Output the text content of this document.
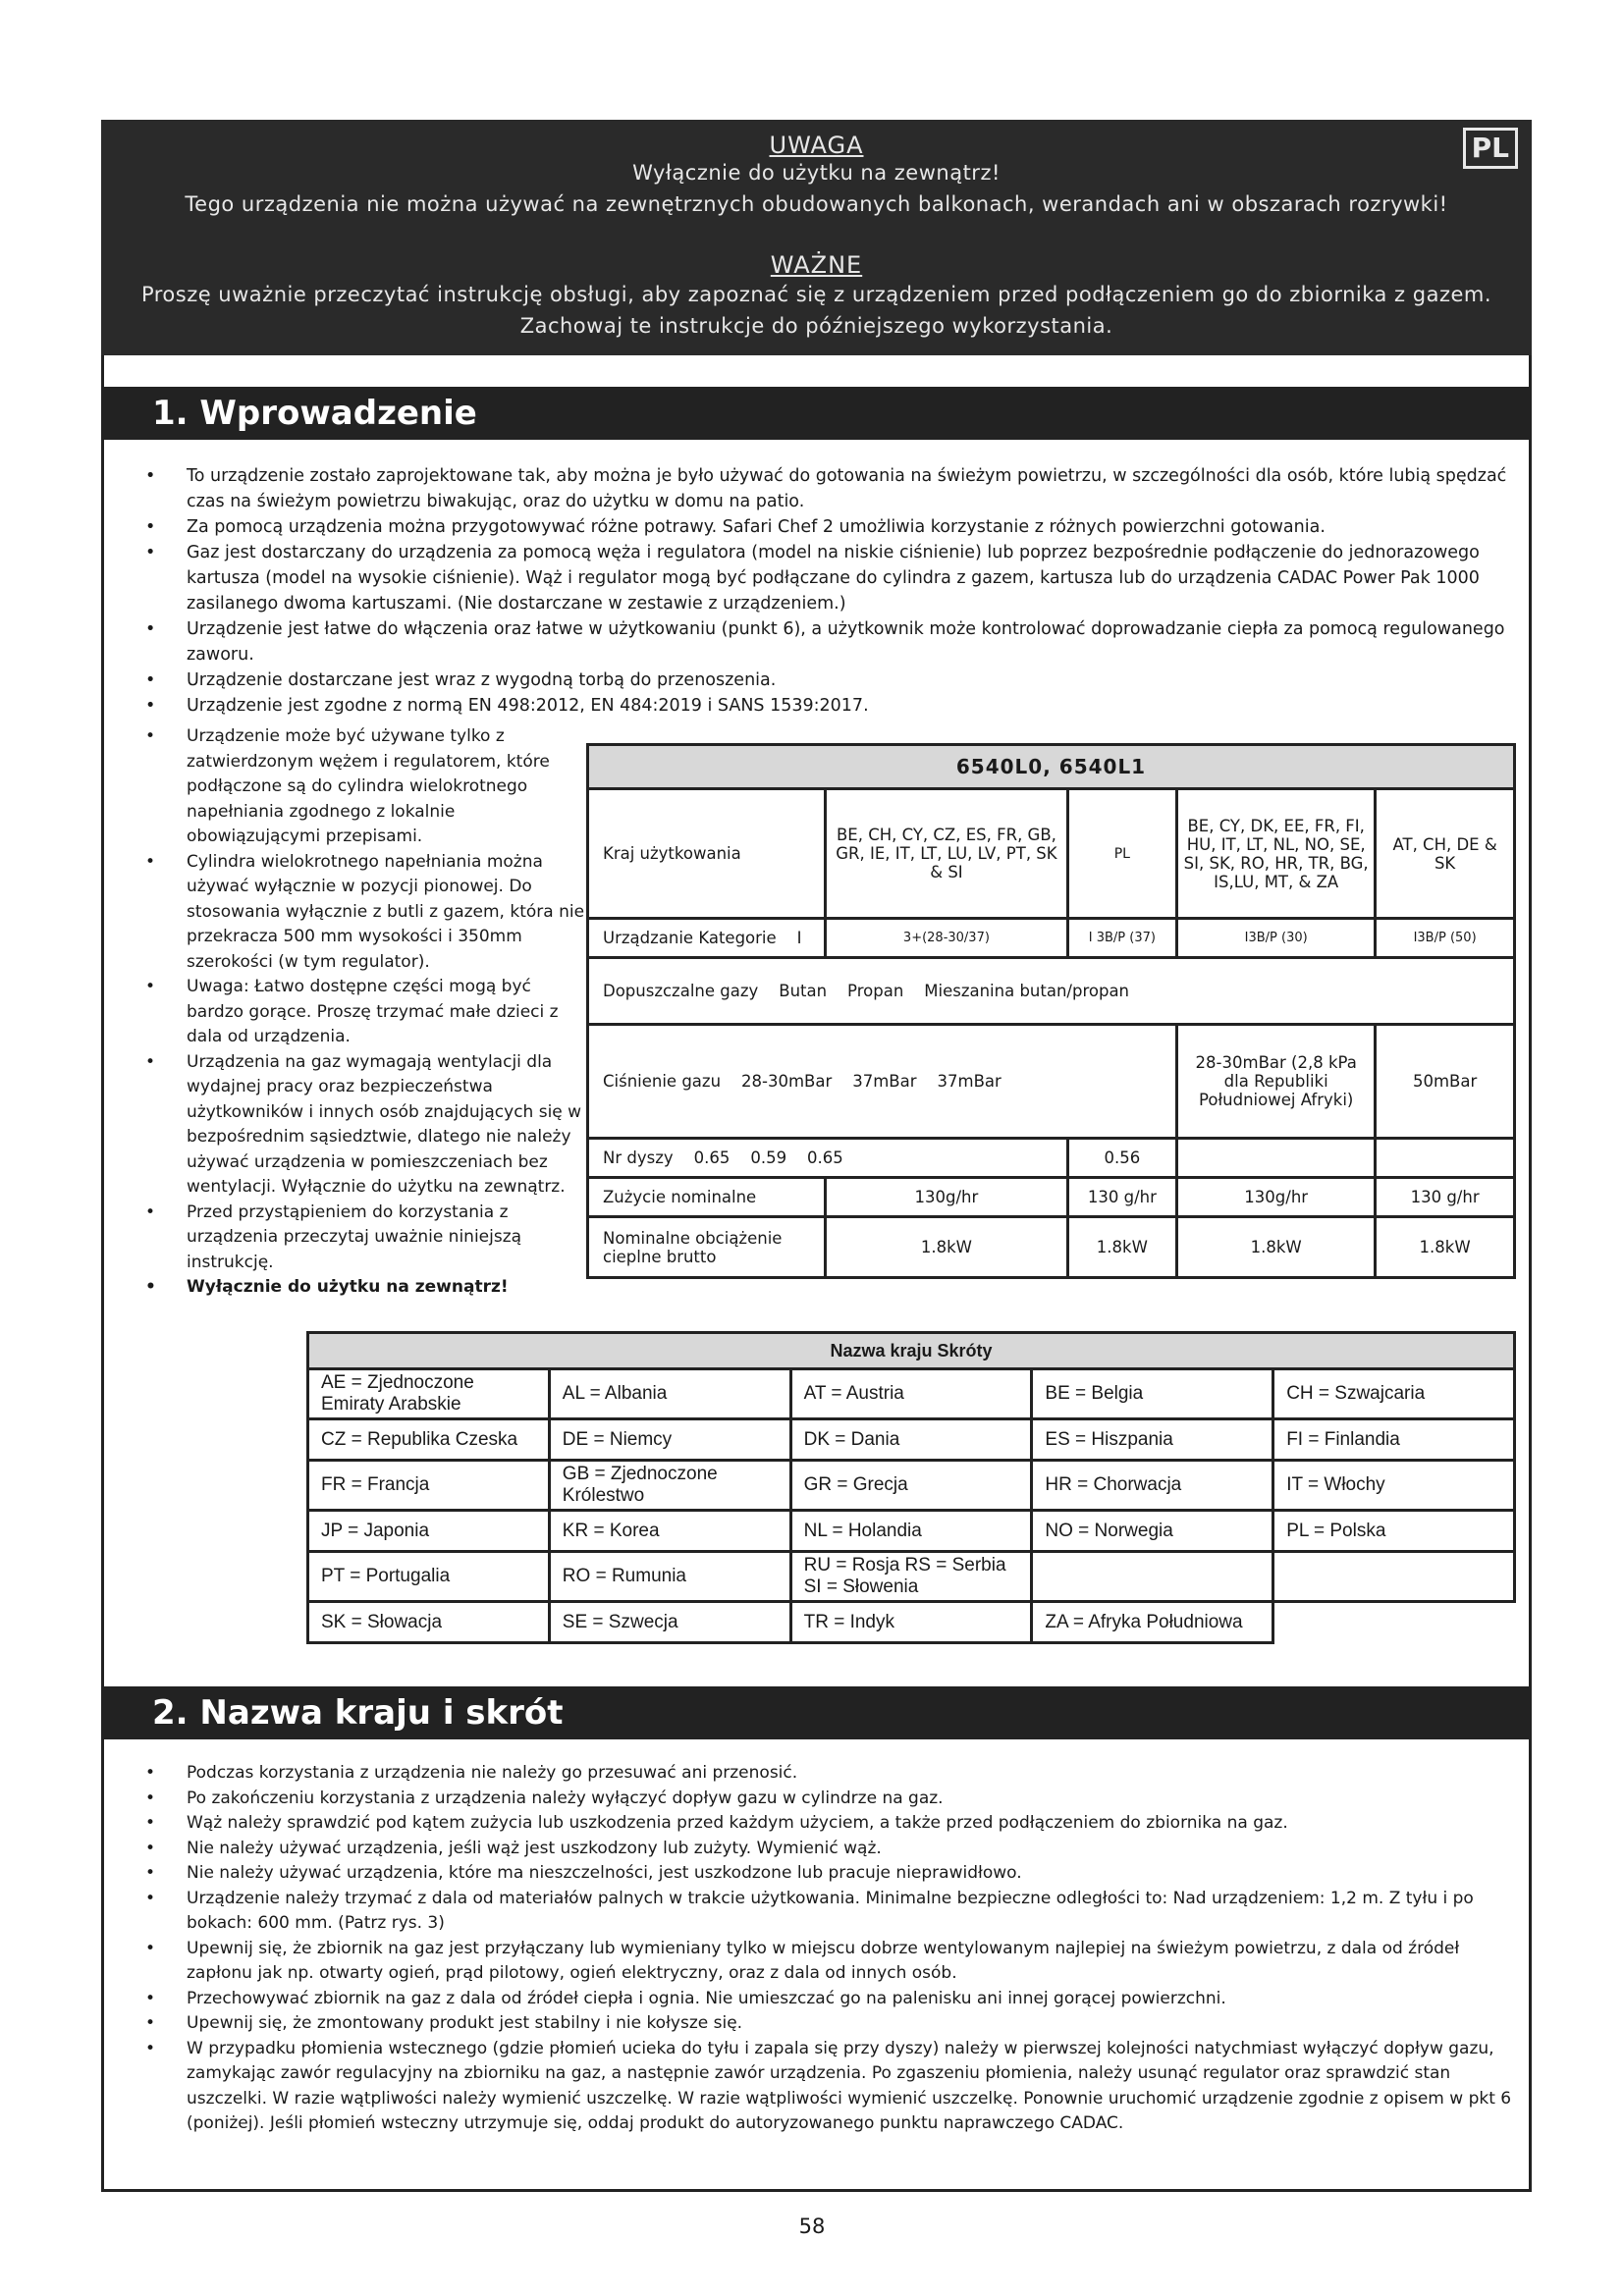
PL
UWAGA
Wyłącznie do użytku na zewnątrz!
Tego urządzenia nie można używać na zewnętrznych obudowanych balkonach, werandach ani w obszarach rozrywki!
WAŻNE
Proszę uważnie przeczytać instrukcję obsługi, aby zapoznać się z urządzeniem przed podłączeniem go do zbiornika z gazem.
Zachowaj te instrukcje do późniejszego wykorzystania.
1. Wprowadzenie
• To urządzenie zostało zaprojektowane tak, aby można je było używać do gotowania na świeżym powietrzu, w szczególności dla osób, które lubią spędzać czas na świeżym powietrzu biwakując, oraz do użytku w domu na patio.
• Za pomocą urządzenia można przygotowywać różne potrawy. Safari Chef 2 umożliwia korzystanie z różnych powierzchni gotowania.
• Gaz jest dostarczany do urządzenia za pomocą węża i regulatora (model na niskie ciśnienie) lub poprzez bezpośrednie podłączenie do jednorazowego kartusza (model na wysokie ciśnienie). Wąż i regulator mogą być podłączane do cylindra z gazem, kartusza lub do urządzenia CADAC Power Pak 1000 zasilanego dwoma kartuszami. (Nie dostarczane w zestawie z urządzeniem.)
• Urządzenie jest łatwe do włączenia oraz łatwe w użytkowaniu (punkt 6), a użytkownik może kontrolować doprowadzanie ciepła za pomocą regulowanego zaworu.
• Urządzenie dostarczane jest wraz z wygodną torbą do przenoszenia.
• Urządzenie jest zgodne z normą EN 498:2012, EN 484:2019 i SANS 1539:2017.
• Urządzenie może być używane tylko z zatwierdzonym wężem i regulatorem, które podłączone są do cylindra wielokrotnego napełniania zgodnego z lokalnie obowiązującymi przepisami.
• Cylindra wielokrotnego napełniania można używać wyłącznie w pozycji pionowej. Do stosowania wyłącznie z butli z gazem, która nie przekracza 500 mm wysokości i 350mm szerokości (w tym regulator).
• Uwaga: Łatwo dostępne części mogą być bardzo gorące. Proszę trzymać małe dzieci z dala od urządzenia.
• Urządzenia na gaz wymagają wentylacji dla wydajnej pracy oraz bezpieczeństwa użytkowników i innych osób znajdujących się w bezpośrednim sąsiedztwie, dlatego nie należy używać urządzenia w pomieszczeniach bez wentylacji. Wyłącznie do użytku na zewnątrz.
• Przed przystąpieniem do korzystania z urządzenia przeczytaj uważnie niniejszą instrukcję.
• Wyłącznie do użytku na zewnątrz!
6540L0, 6540L1				
Kraj użytkowania	BE, CH, CY, CZ, ES, FR, GB, GR, IE, IT, LT, LU, LV, PT, SK & SI	PL	BE, CY, DK, EE, FR, FI, HU, IT, LT, NL, NO, SE, SI, SK, RO, HR, TR, BG, IS,LU, MT, & ZA	AT, CH, DE & SK
Urządzanie Kategorie I	3+(28-30/37)	I 3B/P (37)	I3B/P (30)	I3B/P (50)
Dopuszczalne gazy Butan    Propan    Mieszanina butan/propan				
Ciśnienie gazu 28-30mBar    37mBar    37mBar			28-30mBar (2,8 kPa dla Republiki Południowej Afryki)	50mBar
Nr dyszy 0.65    0.59    0.65		0.56		
Zużycie nominalne	130g/hr	130 g/hr	130g/hr	130 g/hr
Nominalne obciążenie cieplne brutto	1.8kW	1.8kW	1.8kW	1.8kW
Nazwa kraju Skróty				
AE = Zjednoczone Emiraty Arabskie	AL = Albania	AT = Austria	BE = Belgia	CH = Szwajcaria
CZ = Republika Czeska	DE = Niemcy	DK = Dania	ES = Hiszpania	FI = Finlandia
FR = Francja	GB = Zjednoczone Królestwo	GR = Grecja	HR = Chorwacja	IT = Włochy
JP = Japonia	KR = Korea	NL = Holandia	NO = Norwegia	PL = Polska
PT = Portugalia	RO = Rumunia	RU = Rosja RS = Serbia SI = Słowenia		
SK = Słowacja	SE = Szwecja	TR = Indyk	ZA = Afryka Południowa	
2. Nazwa kraju i skrót
• Podczas korzystania z urządzenia nie należy go przesuwać ani przenosić.
• Po zakończeniu korzystania z urządzenia należy wyłączyć dopływ gazu w cylindrze na gaz.
• Wąż należy sprawdzić pod kątem zużycia lub uszkodzenia przed każdym użyciem, a także przed podłączeniem do zbiornika na gaz.
• Nie należy używać urządzenia, jeśli wąż jest uszkodzony lub zużyty. Wymienić wąż.
• Nie należy używać urządzenia, które ma nieszczelności, jest uszkodzone lub pracuje nieprawidłowo.
• Urządzenie należy trzymać z dala od materiałów palnych w trakcie użytkowania. Minimalne bezpieczne odległości to: Nad urządzeniem: 1,2 m. Z tyłu i po bokach: 600 mm. (Patrz rys. 3)
• Upewnij się, że zbiornik na gaz jest przyłączany lub wymieniany tylko w miejscu dobrze wentylowanym najlepiej na świeżym powietrzu, z dala od źródeł zapłonu jak np. otwarty ogień, prąd pilotowy, ogień elektryczny, oraz z dala od innych osób.
• Przechowywać zbiornik na gaz z dala od źródeł ciepła i ognia. Nie umieszczać go na palenisku ani innej gorącej powierzchni.
• Upewnij się, że zmontowany produkt jest stabilny i nie kołysze się.
• W przypadku płomienia wstecznego (gdzie płomień ucieka do tyłu i zapala się przy dyszy) należy w pierwszej kolejności natychmiast wyłączyć dopływ gazu, zamykając zawór regulacyjny na zbiorniku na gaz, a następnie zawór urządzenia. Po zgaszeniu płomienia, należy usunąć regulator oraz sprawdzić stan uszczelki. W razie wątpliwości należy wymienić uszczelkę. W razie wątpliwości wymienić uszczelkę. Ponownie uruchomić urządzenie zgodnie z opisem w pkt 6 (poniżej). Jeśli płomień wsteczny utrzymuje się, oddaj produkt do autoryzowanego punktu naprawczego CADAC.
58
